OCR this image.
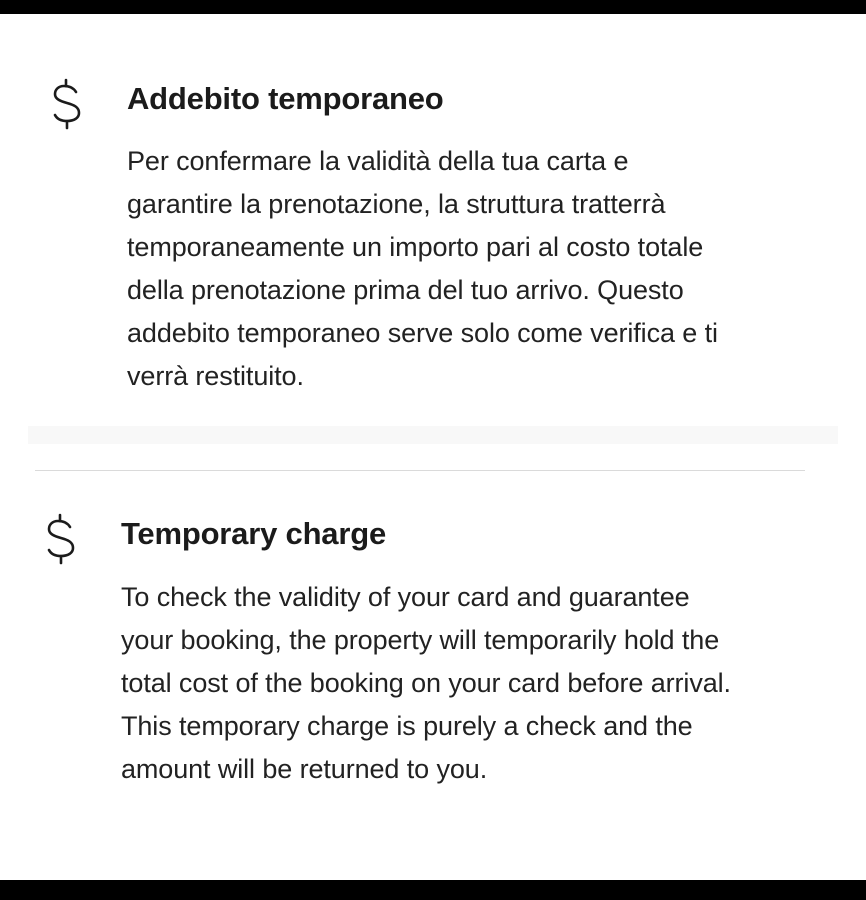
Addebito temporaneo

Per confermare la validità della tua carta e
garantire la prenotazione, la struttura tratterrà
temporaneamente un importo pari al costo totale
della prenotazione prima del tuo arrivo. Questo
addebito temporaneo serve solo come verifica e ti
verrà restituito.

Temporary charge

To check the validity of your card and guarantee
your booking, the property will temporarily hold the
total cost of the booking on your card before arrival.
This temporary charge is purely a check and the
amount will be returned to you.
